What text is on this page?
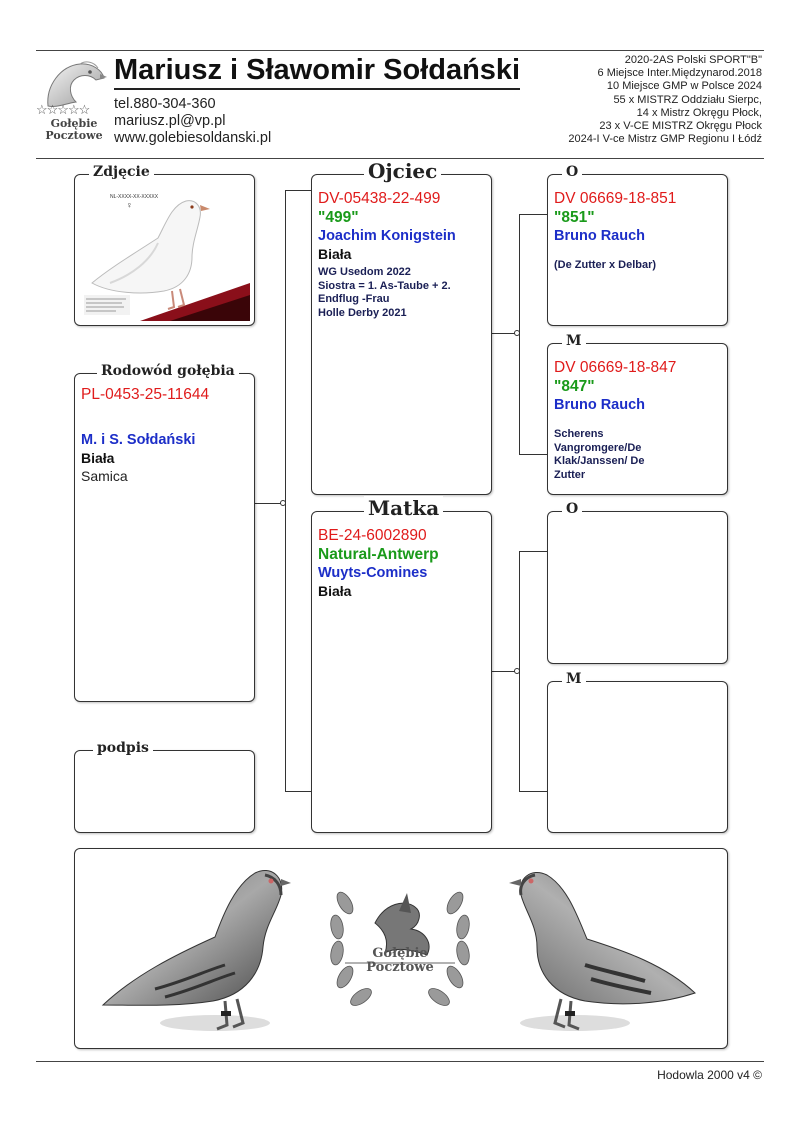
☆☆☆☆☆
Gołębie
Pocztowe
Mariusz i Sławomir Sołdański
tel.880-304-360
mariusz.pl@vp.pl
www.golebiesoldanski.pl
2020-2AS Polski SPORT"B"
6 Miejsce Inter.Międzynarod.2018
10 Miejsce GMP w Polsce 2024
55 x MISTRZ Oddziału Sierpc,
14 x Mistrz Okręgu Płock,
23 x V-CE MISTRZ Okręgu Płock
2024-I V-ce Mistrz GMP Regionu I Łódź
Zdjęcie
NL-XXXX-XX-XXXXX
♀
Rodowód gołębia
PL-0453-25-11644
M. i S. Sołdański
Biała
Samica
podpis
Ojciec
DV-05438-22-499
"499"
Joachim Konigstein
Biała
WG Usedom 2022
Siostra = 1. As-Taube + 2.
Endflug -Frau
Holle Derby 2021
Matka
BE-24-6002890
Natural-Antwerp
Wuyts-Comines
Biała
O
DV 06669-18-851
"851"
Bruno Rauch
(De Zutter x Delbar)
M
DV 06669-18-847
"847"
Bruno Rauch
Scherens
Vangromgere/De
Klak/Janssen/ De
Zutter
O
M
Gołębie
Pocztowe
Hodowla 2000 v4 ©
